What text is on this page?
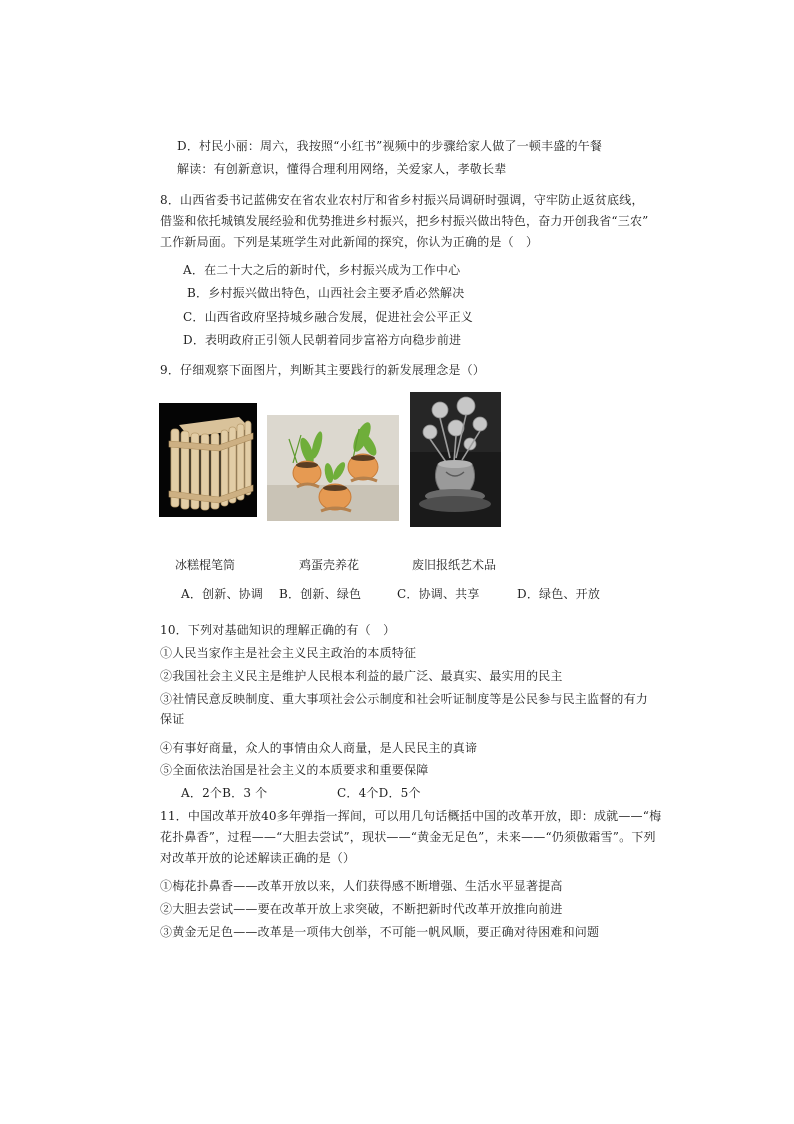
D．村民小丽：周六，我按照“小红书”视频中的步骤给家人做了一顿丰盛的午餐
解读：有创新意识，懂得合理利用网络，关爱家人，孝敬长辈
8．山西省委书记蓝佛安在省农业农村厅和省乡村振兴局调研时强调，守牢防止返贫底线，
借鉴和依托城镇发展经验和优势推进乡村振兴，把乡村振兴做出特色，奋力开创我省“三农”
工作新局面。下列是某班学生对此新闻的探究，你认为正确的是（　）
A．在二十大之后的新时代，乡村振兴成为工作中心
B．乡村振兴做出特色，山西社会主要矛盾必然解决
C．山西省政府坚持城乡融合发展，促进社会公平正义
D．表明政府正引领人民朝着同步富裕方向稳步前进
9．仔细观察下面图片，判断其主要践行的新发展理念是（）
冰糕棍笔筒	鸡蛋壳养花	废旧报纸艺术品
A．创新、协调 B．创新、绿色	C．协调、共享	D．绿色、开放
10．下列对基础知识的理解正确的有（　）
①人民当家作主是社会主义民主政治的本质特征
②我国社会主义民主是维护人民根本利益的最广泛、最真实、最实用的民主
③社情民意反映制度、重大事项社会公示制度和社会听证制度等是公民参与民主监督的有力
保证
④有事好商量，众人的事情由众人商量，是人民民主的真谛
⑤全面依法治国是社会主义的本质要求和重要保障
A．2个B．3 个	C．4个D．5个
11．中国改革开放40多年弹指一挥间，可以用几句话概括中国的改革开放，即：成就——“梅
花扑鼻香”，过程——“大胆去尝试”，现状——“黄金无足色”，未来——“仍须傲霜雪”。下列
对改革开放的论述解读正确的是（）
①梅花扑鼻香——改革开放以来，人们获得感不断增强、生活水平显著提高
②大胆去尝试——要在改革开放上求突破，不断把新时代改革开放推向前进
③黄金无足色——改革是一项伟大创举，不可能一帆风顺，要正确对待困难和问题
